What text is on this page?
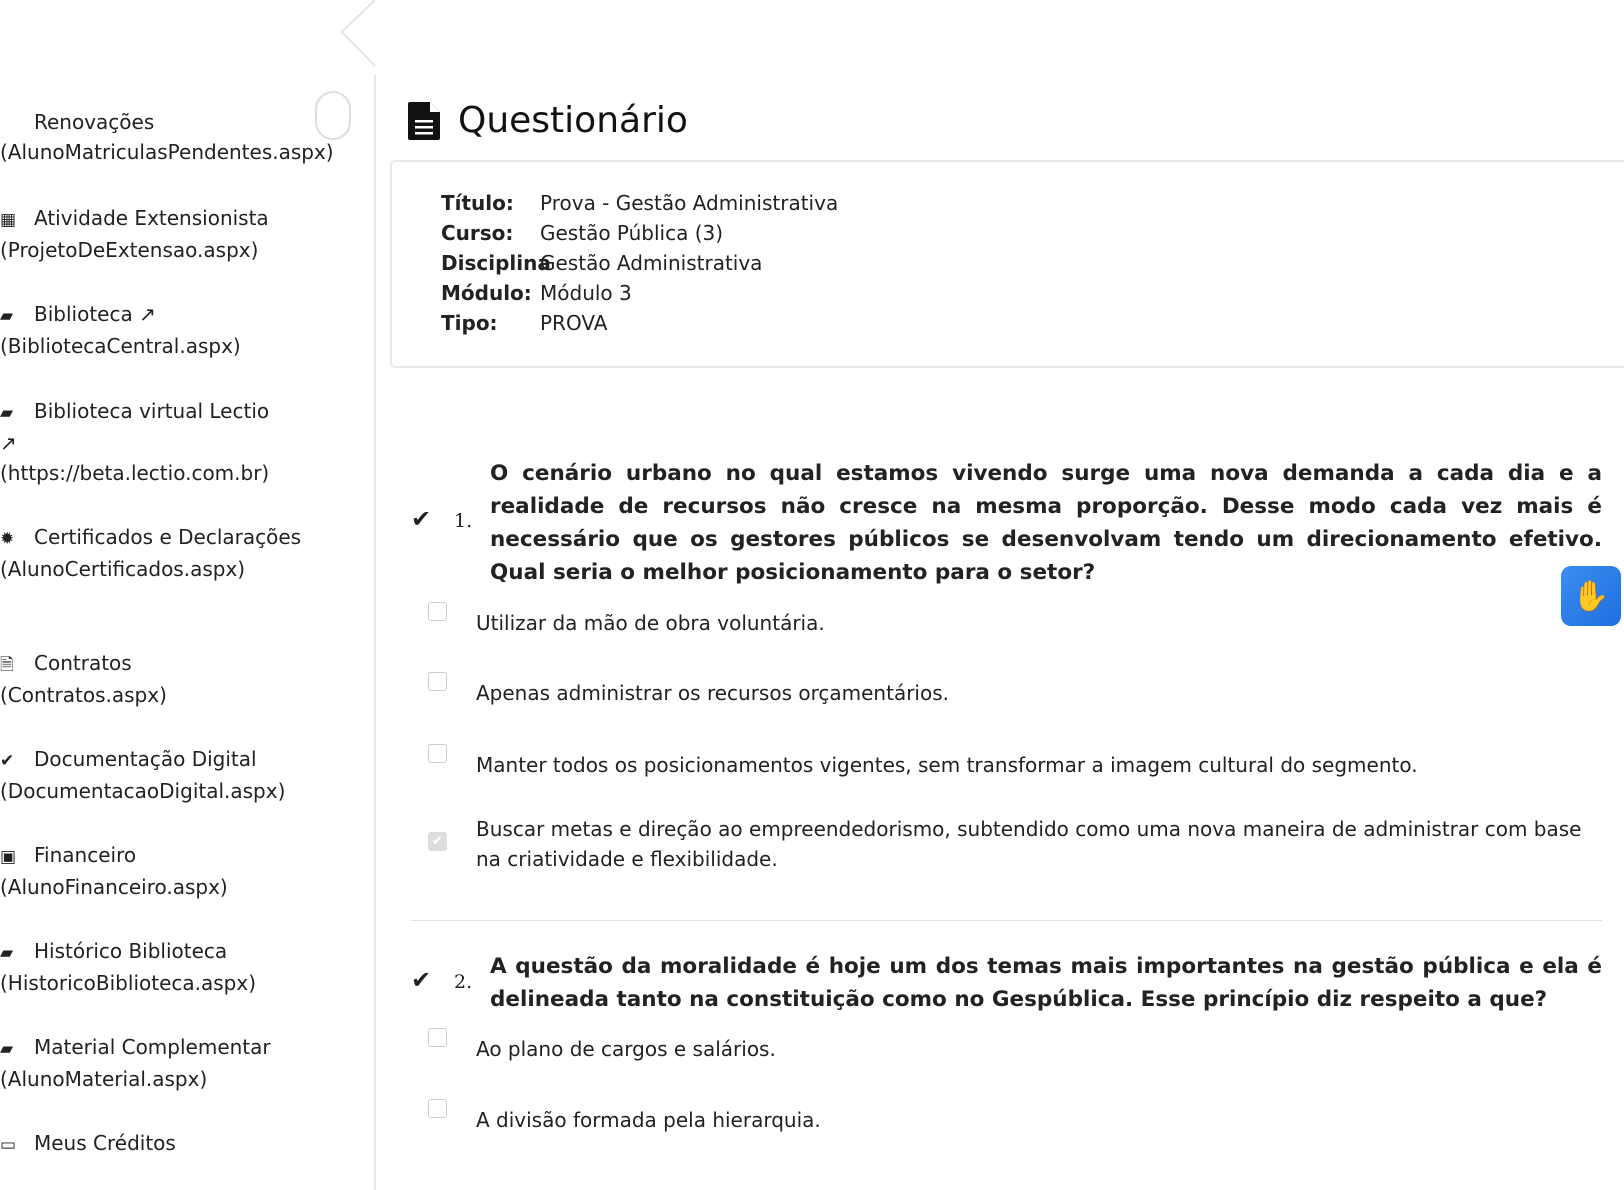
Renovações
(AlunoMatriculasPendentes.aspx)
▦ Atividade Extensionista
(ProjetoDeExtensao.aspx)
▰ Biblioteca ↗
(BibliotecaCentral.aspx)
▰ Biblioteca virtual Lectio
↗
(https://beta.lectio.com.br)
✹ Certificados e Declarações
(AlunoCertificados.aspx)
🗎 Contratos
(Contratos.aspx)
✔ Documentação Digital
(DocumentacaoDigital.aspx)
▣ Financeiro
(AlunoFinanceiro.aspx)
▰ Histórico Biblioteca
(HistoricoBiblioteca.aspx)
▰ Material Complementar
(AlunoMaterial.aspx)
▭ Meus Créditos
Questionário
Título: Prova - Gestão Administrativa
Curso: Gestão Pública (3)
Disciplina
Gestão Administrativa
Módulo: Módulo 3
Tipo: PROVA
✔ 1.
O cenário urbano no qual estamos vivendo surge uma nova demanda a cada dia e a realidade de recursos não cresce na mesma proporção. Desse modo cada vez mais é necessário que os gestores públicos se desenvolvam tendo um direcionamento efetivo. Qual seria o melhor posicionamento para o setor?
Utilizar da mão de obra voluntária.
Apenas administrar os recursos orçamentários.
Manter todos os posicionamentos vigentes, sem transformar a imagem cultural do segmento.
✔ Buscar metas e direção ao empreendedorismo, subtendido como uma nova maneira de administrar com base na criatividade e flexibilidade.
✔ 2.
A questão da moralidade é hoje um dos temas mais importantes na gestão pública e ela é delineada tanto na constituição como no Gespública. Esse princípio diz respeito a que?
Ao plano de cargos e salários.
A divisão formada pela hierarquia.
✋
